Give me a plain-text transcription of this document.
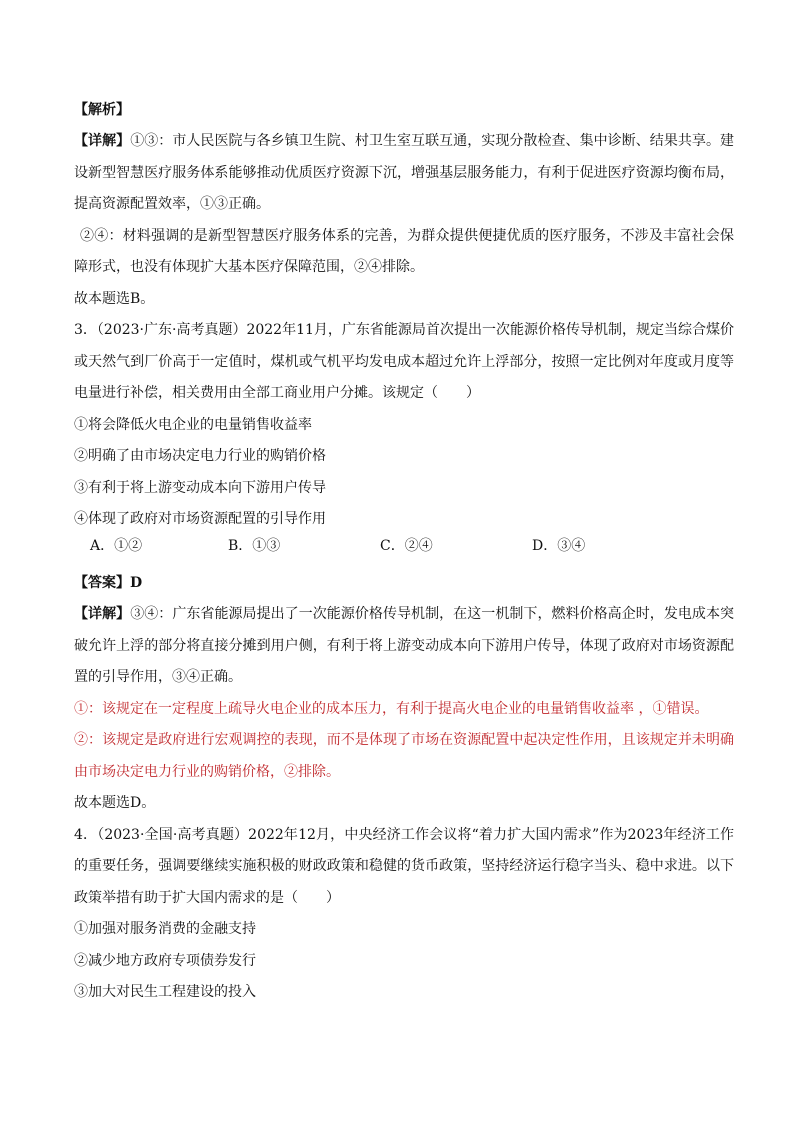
【解析】
【详解】①③：市人民医院与各乡镇卫生院、村卫生室互联互通，实现分散检查、集中诊断、结果共享。建设新型智慧医疗服务体系能够推动优质医疗资源下沉，增强基层服务能力，有利于促进医疗资源均衡布局，提高资源配置效率，①③正确。
②④：材料强调的是新型智慧医疗服务体系的完善，为群众提供便捷优质的医疗服务，不涉及丰富社会保障形式，也没有体现扩大基本医疗保障范围，②④排除。
故本题选B。
3．（2023·广东·高考真题）2022年11月，广东省能源局首次提出一次能源价格传导机制，规定当综合煤价或天然气到厂价高于一定值时，煤机或气机平均发电成本超过允许上浮部分，按照一定比例对年度或月度等电量进行补偿，相关费用由全部工商业用户分摊。该规定（　　）
①将会降低火电企业的电量销售收益率
②明确了由市场决定电力行业的购销价格
③有利于将上游变动成本向下游用户传导
④体现了政府对市场资源配置的引导作用
A．①②	B．①③	C．②④	D．③④
【答案】D
【详解】③④：广东省能源局提出了一次能源价格传导机制，在这一机制下，燃料价格高企时，发电成本突破允许上浮的部分将直接分摊到用户侧，有利于将上游变动成本向下游用户传导，体现了政府对市场资源配置的引导作用，③④正确。
①：该规定在一定程度上疏导火电企业的成本压力，有利于提高火电企业的电量销售收益率 ，①错误。
②：该规定是政府进行宏观调控的表现，而不是体现了市场在资源配置中起决定性作用，且该规定并未明确由市场决定电力行业的购销价格，②排除。
故本题选D。
4．（2023·全国·高考真题）2022年12月，中央经济工作会议将“着力扩大国内需求”作为2023年经济工作的重要任务，强调要继续实施积极的财政政策和稳健的货币政策，坚持经济运行稳字当头、稳中求进。以下政策举措有助于扩大国内需求的是（　　）
①加强对服务消费的金融支持
②减少地方政府专项债券发行
③加大对民生工程建设的投入
